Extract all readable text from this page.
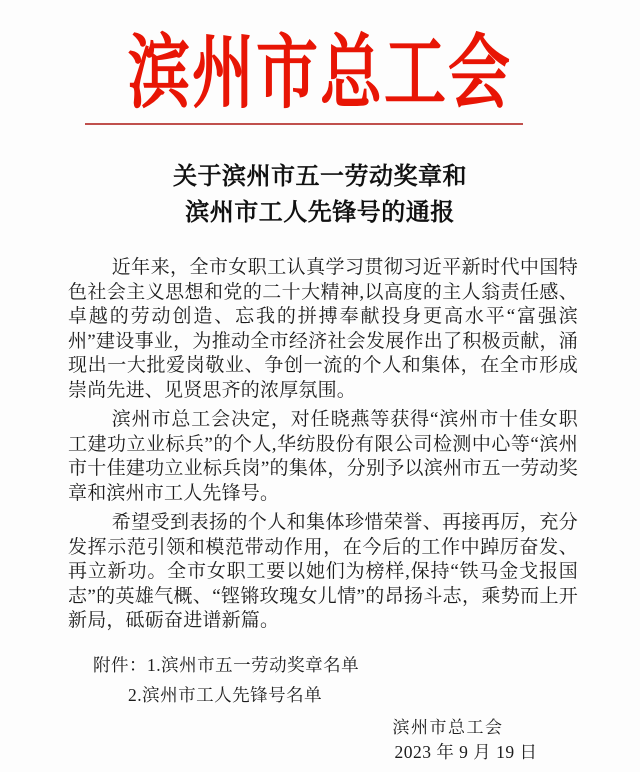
滨州市总工会
关于滨州市五一劳动奖章和
滨州市工人先锋号的通报

近年来，全市女职工认真学习贯彻习近平新时代中国特色社会主义思想和党的二十大精神,以高度的主人翁责任感、卓越的劳动创造、忘我的拼搏奉献投身更高水平“富强滨州”建设事业，为推动全市经济社会发展作出了积极贡献，涌现出一大批爱岗敬业、争创一流的个人和集体，在全市形成崇尚先进、见贤思齐的浓厚氛围。

滨州市总工会决定，对任晓燕等获得“滨州市十佳女职工建功立业标兵”的个人,华纺股份有限公司检测中心等“滨州市十佳建功立业标兵岗”的集体，分别予以滨州市五一劳动奖章和滨州市工人先锋号。

希望受到表扬的个人和集体珍惜荣誉、再接再厉，充分发挥示范引领和模范带动作用，在今后的工作中踔厉奋发、再立新功。全市女职工要以她们为榜样,保持“铁马金戈报国志”的英雄气概、“铿锵玫瑰女儿情”的昂扬斗志，乘势而上开新局，砥砺奋进谱新篇。

附件：1.滨州市五一劳动奖章名单
2.滨州市工人先锋号名单
滨州市总工会
2023 年 9 月 19 日
